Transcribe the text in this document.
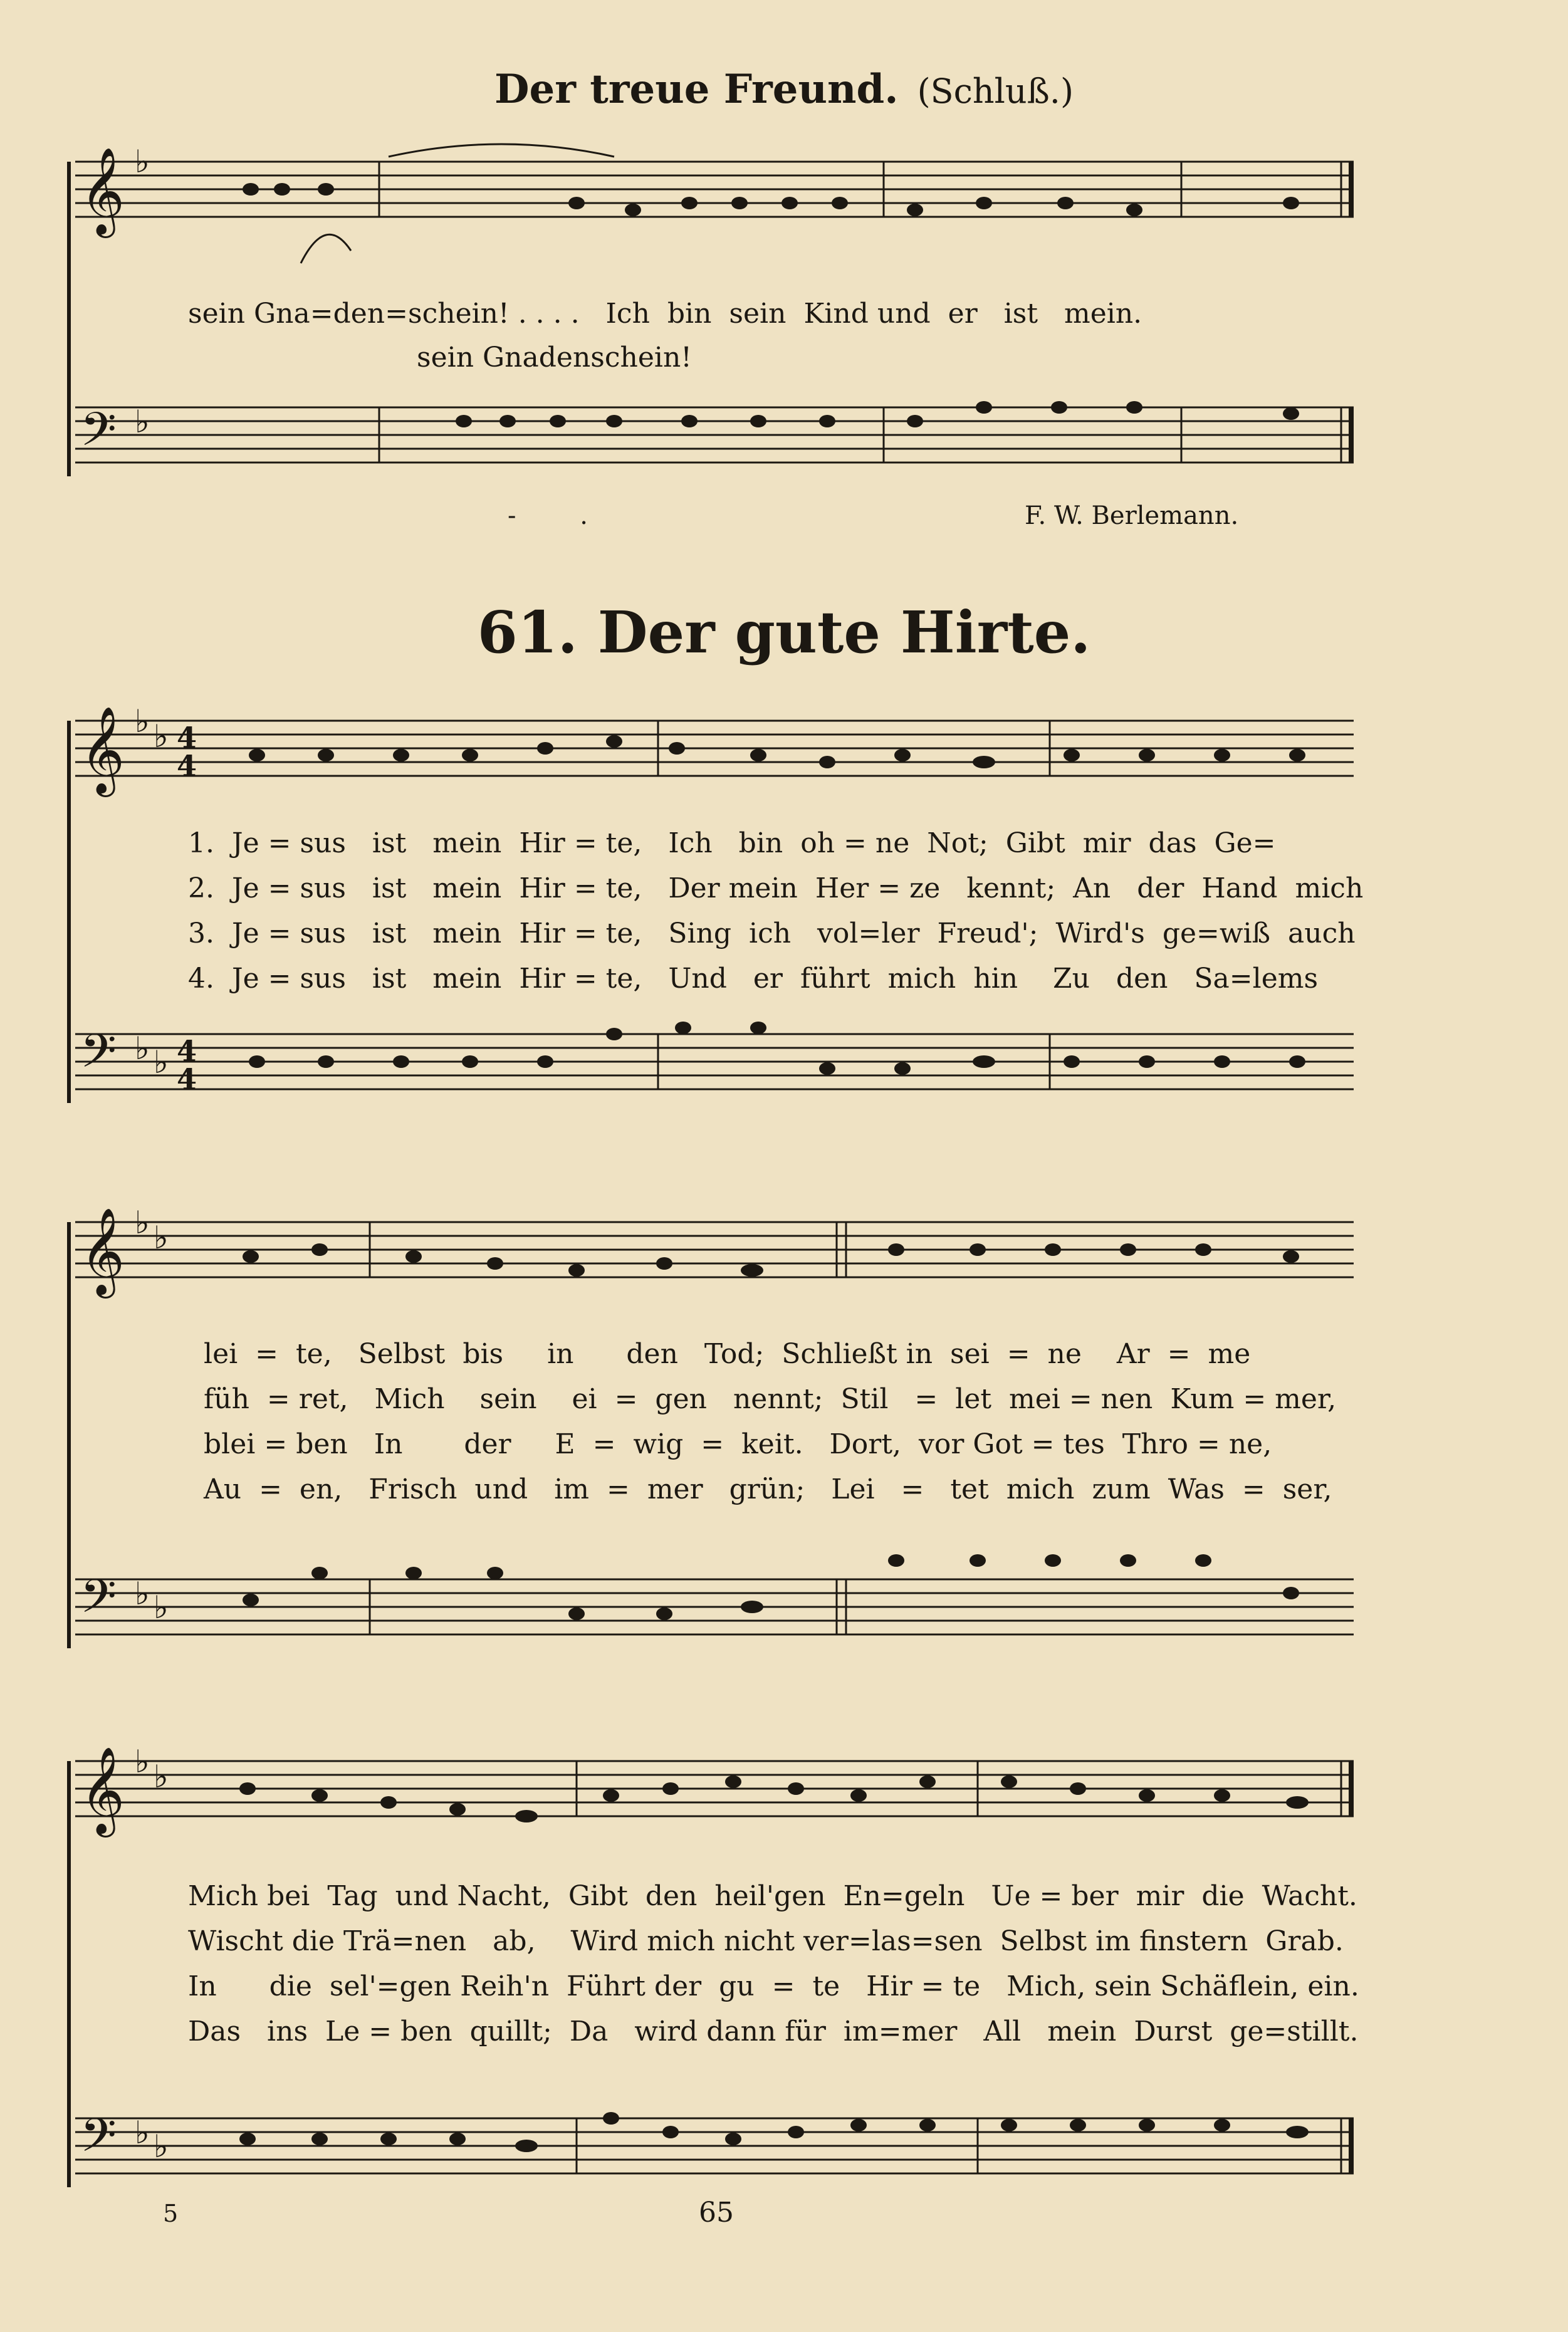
𝄞
𝄢
𝄞
𝄢
𝄞
𝄢
𝄞
𝄢
♭
♭
♭ ♭
♭ ♭
♭ ♭
♭ ♭
♭ ♭
♭ ♭
4
4
4
4
Der treue Freund. (Schluß.)
sein Gna=den=schein! . . . .   Ich  bin  sein  Kind und  er   ist   mein.
sein Gnadenschein!
-        .	F. W. Berlemann.
61. Der gute Hirte.
1.  Je = sus   ist   mein  Hir = te,   Ich   bin  oh = ne  Not;  Gibt  mir  das  Ge=
2.  Je = sus   ist   mein  Hir = te,   Der mein  Her = ze   kennt;  An   der  Hand  mich
3.  Je = sus   ist   mein  Hir = te,   Sing  ich   vol=ler  Freud';  Wird's  ge=wiß  auch
4.  Je = sus   ist   mein  Hir = te,   Und   er  führt  mich  hin    Zu   den   Sa=lems
lei  =  te,   Selbst  bis     in      den   Tod;  Schließt in  sei  =  ne    Ar  =  me
füh  = ret,   Mich    sein    ei  =  gen   nennt;  Stil   =  let  mei = nen  Kum = mer,
blei = ben   In       der     E  =  wig  =  keit.   Dort,  vor Got = tes  Thro = ne,
Au  =  en,   Frisch  und   im  =  mer   grün;   Lei   =   tet  mich  zum  Was  =  ser,
Mich bei  Tag  und Nacht,  Gibt  den  heil'gen  En=geln   Ue = ber  mir  die  Wacht.
Wischt die Trä=nen   ab,    Wird mich nicht ver=las=sen  Selbst im finstern  Grab.
In      die  sel'=gen Reih'n  Führt der  gu  =  te   Hir = te   Mich, sein Schäflein, ein.
Das   ins  Le = ben  quillt;  Da   wird dann für  im=mer   All   mein  Durst  ge=stillt.
5	65
